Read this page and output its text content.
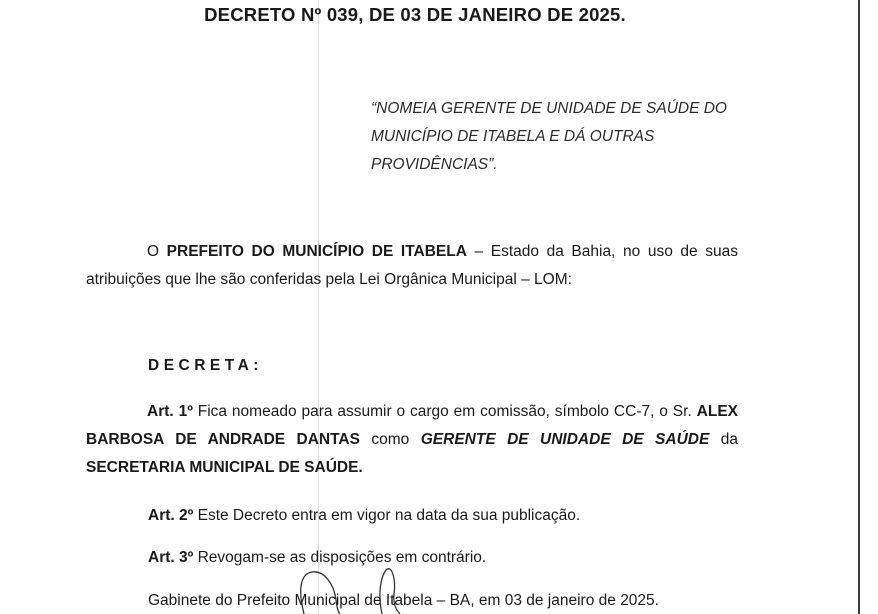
DECRETO Nº 039, DE 03 DE JANEIRO DE 2025.
“NOMEIA GERENTE DE UNIDADE DE SAÚDE DO MUNICÍPIO DE ITABELA E DÁ OUTRAS PROVIDÊNCIAS”.

O PREFEITO DO MUNICÍPIO DE ITABELA – Estado da Bahia, no uso de suas atribuições que lhe são conferidas pela Lei Orgânica Municipal – LOM:

DECRETA:

Art. 1º Fica nomeado para assumir o cargo em comissão, símbolo CC-7, o Sr. ALEX BARBOSA DE ANDRADE DANTAS como GERENTE DE UNIDADE DE SAÚDE da SECRETARIA MUNICIPAL DE SAÚDE.

Art. 2º Este Decreto entra em vigor na data da sua publicação.
Art. 3º Revogam-se as disposições em contrário.
Gabinete do Prefeito Municipal de Itabela – BA, em 03 de janeiro de 2025.
